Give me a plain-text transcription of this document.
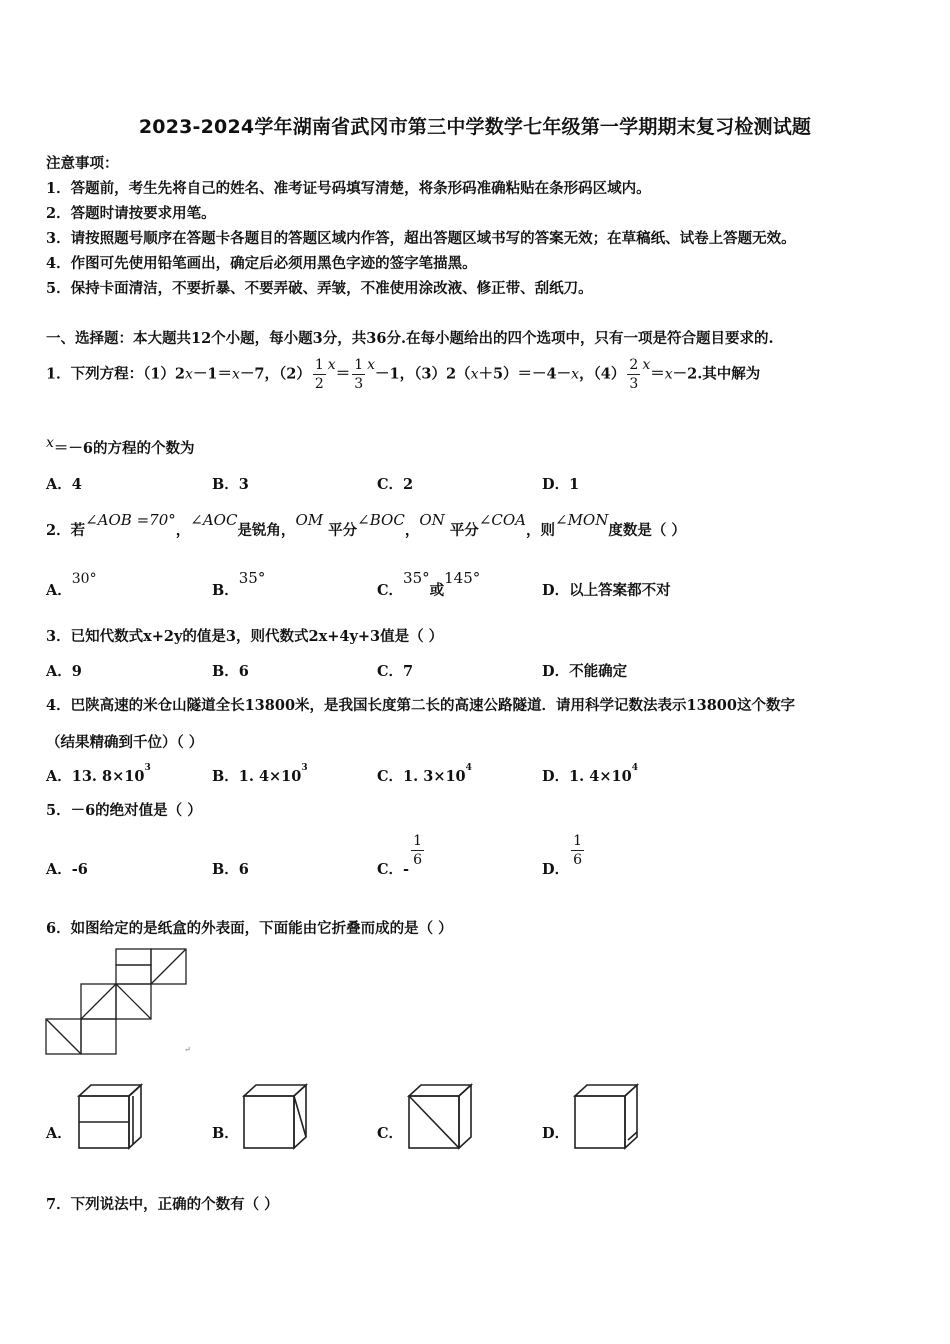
2023-2024学年湖南省武冈市第三中学数学七年级第一学期期末复习检测试题
注意事项：
1．答题前，考生先将自己的姓名、准考证号码填写清楚，将条形码准确粘贴在条形码区域内。
2．答题时请按要求用笔。
3．请按照题号顺序在答题卡各题目的答题区域内作答，超出答题区域书写的答案无效；在草稿纸、试卷上答题无效。
4．作图可先使用铅笔画出，确定后必须用黑色字迹的签字笔描黑。
5．保持卡面清洁，不要折暴、不要弄破、弄皱，不准使用涂改液、修正带、刮纸刀。
一、选择题：本大题共12个小题，每小题3分，共36分.在每小题给出的四个选项中，只有一项是符合题目要求的.
1．下列方程：（1）2x－1＝x－7，$(2) \frac{1}{2} x= \frac{1}{3} x-1$，（3）2（x＋5）＝－4－x，$(4) \frac{2}{3} x=x-2$.其中解为
x＝－6的方程的个数为
A．4	B．3	C．2	D．1
2．若∠AOB =70°，∠AOC是锐角，OM 平分∠BOC，ON 平分∠COA，则∠MON度数是（ ）
A．30°
B．35°
C．35°或145°
D．以上答案都不对
3．已知代数式x+2y的值是3，则代数式2x+4y+3值是（ ）
A．9	B．6	C．7	D．不能确定
4．巴陕高速的米仓山隧道全长13800米，是我国长度第二长的高速公路隧道．请用科学记数法表示13800这个数字
（结果精确到千位）（ ）
A．13. $8\times 10^3$	B．1. $4\times 10^3$	C．1. $3\times 10^4$	D．1. $4\times 10^4$
5．－6的绝对值是（ ）
A．-6	B．6	C．-
$\frac{1}{6}$
D．
$\frac{1}{6}$
6．如图给定的是纸盒的外表面，下面能由它折叠而成的是（ ）
↵
A．	B．	C．	D．
7．下列说法中，正确的个数有（ ）
